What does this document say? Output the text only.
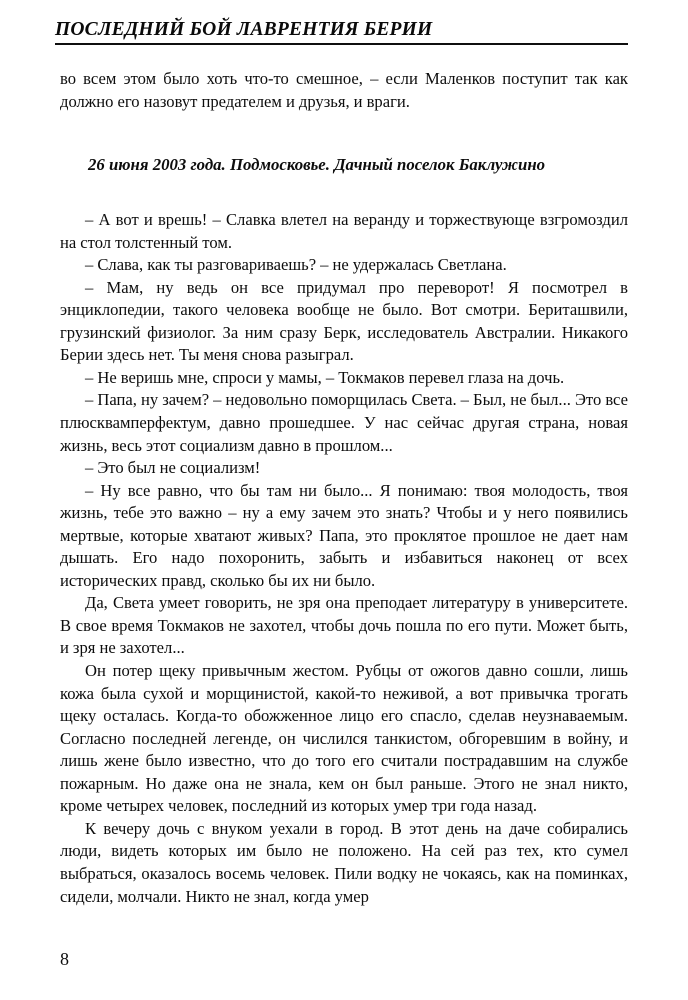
ПОСЛЕДНИЙ БОЙ ЛАВРЕНТИЯ БЕРИИ

во всем этом было хоть что-то смешное, – если Маленков поступит так как должно его назовут предателем и друзья, и враги.

26 июня 2003 года. Подмосковье. Дачный поселок Баклужино

– А вот и врешь! – Славка влетел на веранду и торжествующе взгромоздил на стол толстенный том.

– Слава, как ты разговариваешь? – не удержалась Светлана.

– Мам, ну ведь он все придумал про переворот! Я посмотрел в энциклопедии, такого человека вообще не было. Вот смотри. Бериташвили, грузинский физиолог. За ним сразу Берк, исследователь Австралии. Никакого Берии здесь нет. Ты меня снова разыграл.

– Не веришь мне, спроси у мамы, – Токмаков перевел глаза на дочь.

– Папа, ну зачем? – недовольно поморщилась Света. – Был, не был... Это все плюсквамперфектум, давно прошедшее. У нас сейчас другая страна, новая жизнь, весь этот социализм давно в прошлом...

– Это был не социализм!

– Ну все равно, что бы там ни было... Я понимаю: твоя молодость, твоя жизнь, тебе это важно – ну а ему зачем это знать? Чтобы и у него появились мертвые, которые хватают живых? Папа, это проклятое прошлое не дает нам дышать. Его надо похоронить, забыть и избавиться наконец от всех исторических правд, сколько бы их ни было.

Да, Света умеет говорить, не зря она преподает литературу в университете. В свое время Токмаков не захотел, чтобы дочь пошла по его пути. Может быть, и зря не захотел...

Он потер щеку привычным жестом. Рубцы от ожогов давно сошли, лишь кожа была сухой и морщинистой, какой-то неживой, а вот привычка трогать щеку осталась. Когда-то обожженное лицо его спасло, сделав неузнаваемым. Согласно последней легенде, он числился танкистом, обгоревшим в войну, и лишь жене было известно, что до того его считали пострадавшим на службе пожарным. Но даже она не знала, кем он был раньше. Этого не знал никто, кроме четырех человек, последний из которых умер три года назад.

К вечеру дочь с внуком уехали в город. В этот день на даче собирались люди, видеть которых им было не положено. На сей раз тех, кто сумел выбраться, оказалось восемь человек. Пили водку не чокаясь, как на поминках, сидели, молчали. Никто не знал, когда умер

8
